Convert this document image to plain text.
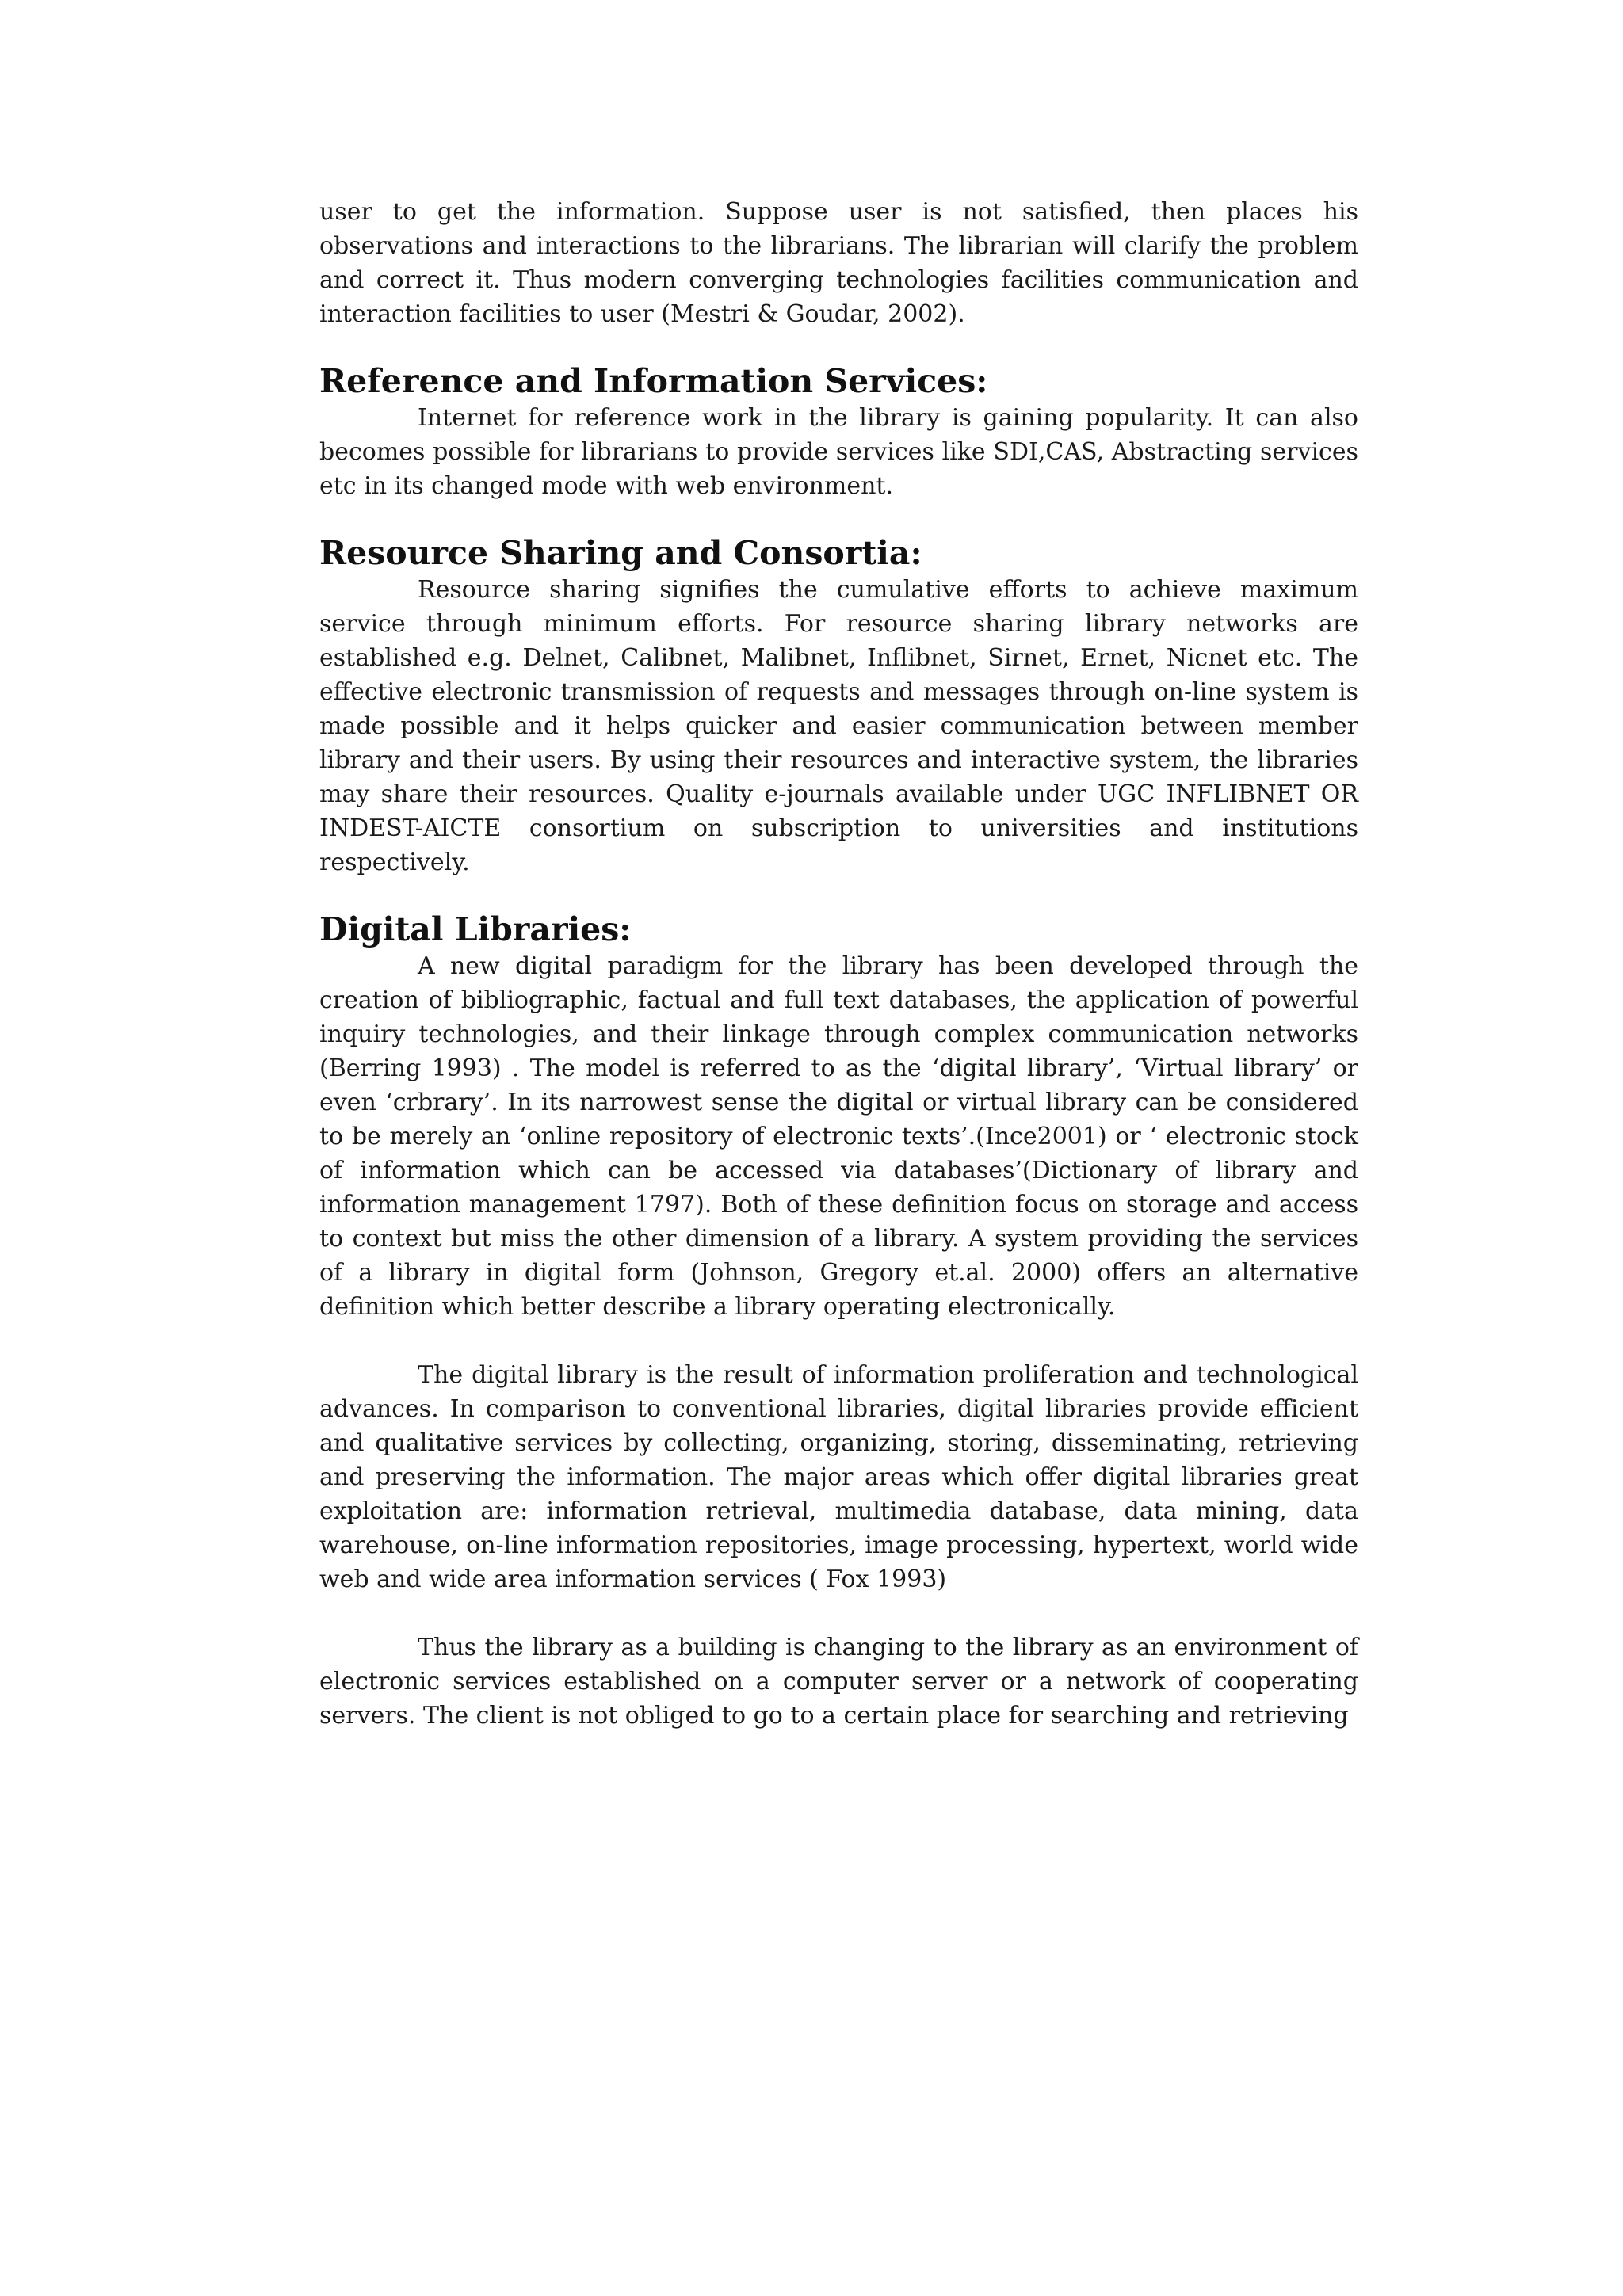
user to get the information. Suppose user is not satisfied, then places his observations and interactions to the librarians. The librarian will clarify the problem and correct it. Thus modern converging technologies facilities communication and interaction facilities to user (Mestri & Goudar, 2002).

Reference and Information Services:

Internet for reference work in the library is gaining popularity. It can also becomes possible for librarians to provide services like SDI,CAS, Abstracting services etc in its changed mode with web environment.

Resource Sharing and Consortia:

Resource sharing signifies the cumulative efforts to achieve maximum service through minimum efforts. For resource sharing library networks are established e.g. Delnet, Calibnet, Malibnet, Inflibnet, Sirnet, Ernet, Nicnet etc. The effective electronic transmission of requests and messages through on-line system is made possible and it helps quicker and easier communication between member library and their users. By using their resources and interactive system, the libraries may share their resources. Quality e-journals available under UGC INFLIBNET OR INDEST-AICTE consortium on subscription to universities and institutions respectively.

Digital Libraries:

A new digital paradigm for the library has been developed through the creation of bibliographic, factual and full text databases, the application of powerful inquiry technologies, and their linkage through complex communication networks (Berring 1993) . The model is referred to as the ‘digital library’, ‘Virtual library’ or even ‘crbrary’. In its narrowest sense the digital or virtual library can be considered to be merely an ‘online repository of electronic texts’.(Ince2001) or ‘ electronic stock of information which can be accessed via databases’(Dictionary of library and information management 1797). Both of these definition focus on storage and access to context but miss the other dimension of a library. A system providing the services of a library in digital form (Johnson, Gregory et.al. 2000) offers an alternative definition which better describe a library operating electronically.

The digital library is the result of information proliferation and technological advances. In comparison to conventional libraries, digital libraries provide efficient and qualitative services by collecting, organizing, storing, disseminating, retrieving and preserving the information. The major areas which offer digital libraries great exploitation are: information retrieval, multimedia database, data mining, data warehouse, on-line information repositories, image processing, hypertext, world wide web and wide area information services ( Fox 1993)

Thus the library as a building is changing to the library as an environment of electronic services established on a computer server or a network of cooperating servers. The client is not obliged to go to a certain place for searching and retrieving
